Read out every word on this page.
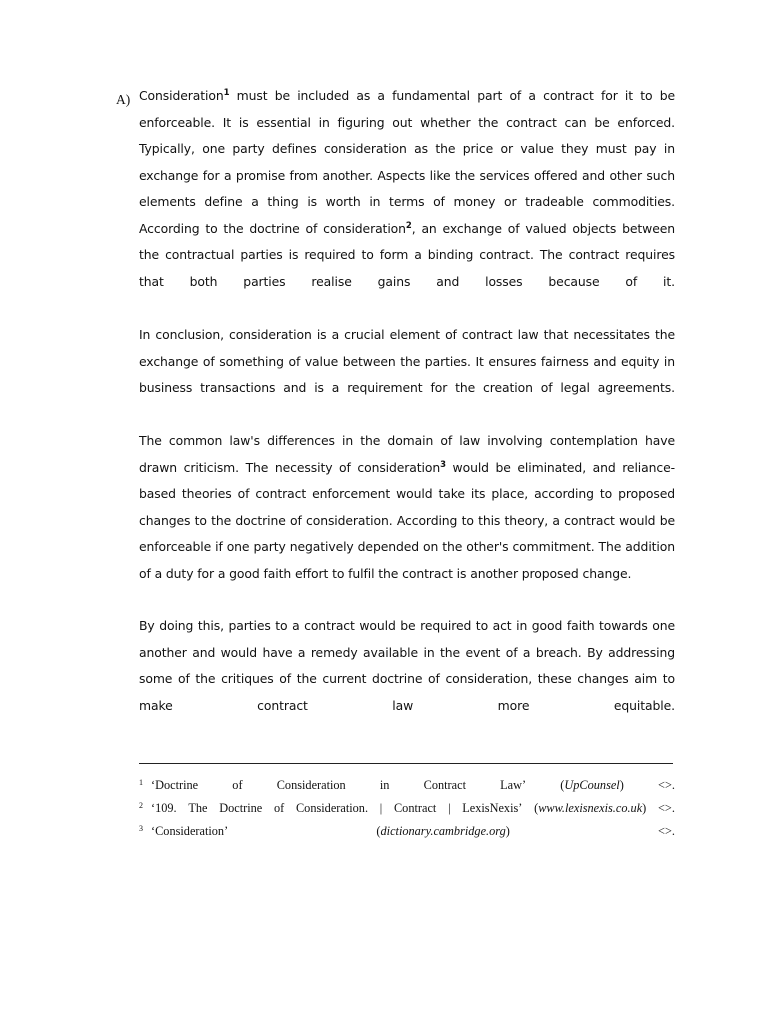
A) Consideration$^1$ must be included as a fundamental part of a contract for it to be enforceable. It is essential in figuring out whether the contract can be enforced. Typically, one party defines consideration as the price or value they must pay in exchange for a promise from another. Aspects like the services offered and other such elements define a thing is worth in terms of money or tradeable commodities. According to the doctrine of consideration$^2$, an exchange of valued objects between the contractual parties is required to form a binding contract. The contract requires that both parties realise gains and losses because of it.
In conclusion, consideration is a crucial element of contract law that necessitates the exchange of something of value between the parties. It ensures fairness and equity in business transactions and is a requirement for the creation of legal agreements.
The common law's differences in the domain of law involving contemplation have drawn criticism. The necessity of consideration$^3$ would be eliminated, and reliance-based theories of contract enforcement would take its place, according to proposed changes to the doctrine of consideration. According to this theory, a contract would be enforceable if one party negatively depended on the other's commitment. The addition of a duty for a good faith effort to fulfil the contract is another proposed change.
By doing this, parties to a contract would be required to act in good faith towards one another and would have a remedy available in the event of a breach. By addressing some of the critiques of the current doctrine of consideration, these changes aim to make contract law more equitable.
$^1$ ‘Doctrine	of	Consideration	in	Contract	Law’	(UpCounsel)	<>.
$^2$ ‘109. The Doctrine of Consideration. | Contract | LexisNexis’ (www.lexisnexis.co.uk) <>.
$^3$ ‘Consideration’	(dictionary.cambridge.org)	<>.
